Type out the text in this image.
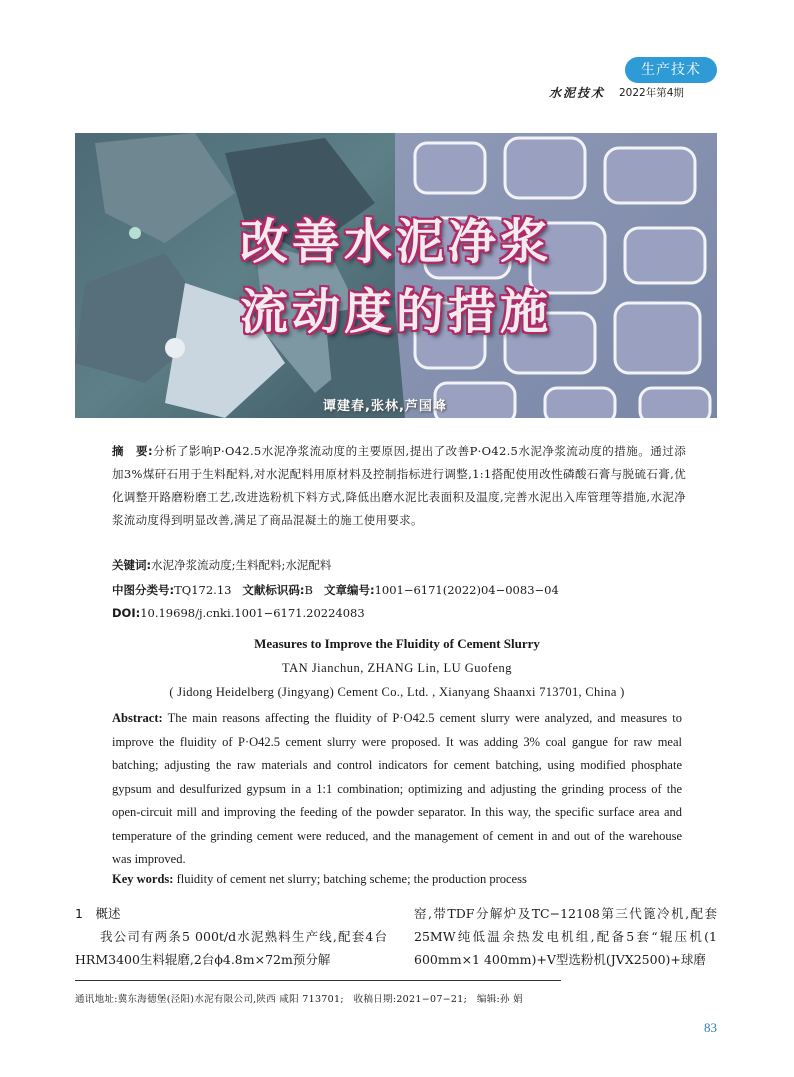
生产技术
水泥技术 2022年第4期
改善水泥净浆
流动度的措施
谭建春,张林,芦国峰
摘　要:分析了影响P·O42.5水泥净浆流动度的主要原因,提出了改善P·O42.5水泥净浆流动度的措施。通过添加3%煤矸石用于生料配料,对水泥配料用原材料及控制指标进行调整,1:1搭配使用改性磷酸石膏与脱硫石膏,优化调整开路磨粉磨工艺,改进选粉机下料方式,降低出磨水泥比表面积及温度,完善水泥出入库管理等措施,水泥净浆流动度得到明显改善,满足了商品混凝土的施工使用要求。
关键词:水泥净浆流动度;生料配料;水泥配料
中图分类号:TQ172.13 文献标识码:B 文章编号:1001−6171(2022)04−0083−04
DOI:10.19698/j.cnki.1001−6171.20224083
Measures to Improve the Fluidity of Cement Slurry
TAN Jianchun, ZHANG Lin, LU Guofeng
( Jidong Heidelberg (Jingyang) Cement Co., Ltd. , Xianyang Shaanxi 713701, China )
Abstract: The main reasons affecting the fluidity of P·O42.5 cement slurry were analyzed, and measures to improve the fluidity of P·O42.5 cement slurry were proposed. It was adding 3% coal gangue for raw meal batching; adjusting the raw materials and control indicators for cement batching, using modified phosphate gypsum and desulfurized gypsum in a 1:1 combination; optimizing and adjusting the grinding process of the open-circuit mill and improving the feeding of the powder separator. In this way, the specific surface area and temperature of the grinding cement were reduced, and the management of cement in and out of the warehouse was improved.
Key words: fluidity of cement net slurry; batching scheme; the production process
1　概述
我公司有两条5 000t/d水泥熟料生产线,配套4台HRM3400生料辊磨,2台ϕ4.8m×72m预分解
窑,带TDF分解炉及TC−12108第三代篦冷机,配套25MW纯低温余热发电机组,配备5套“辊压机(1 600mm×1 400mm)+V型选粉机(JVX2500)+球磨
通讯地址:冀东海德堡(泾阳)水泥有限公司,陕西 咸阳 713701;　收稿日期:2021−07−21;　编辑:孙 娟
83
